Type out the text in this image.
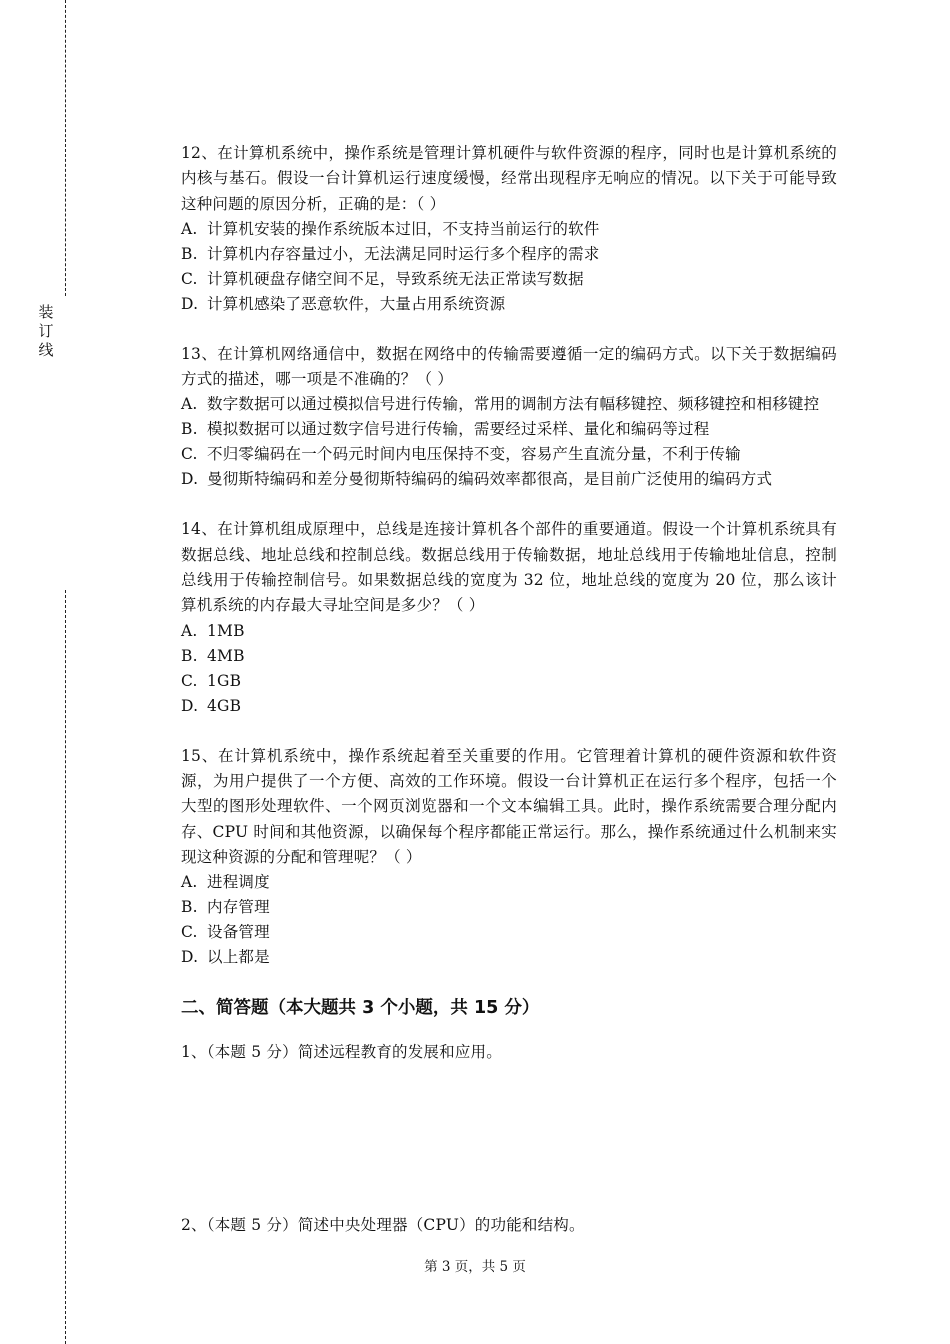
装
订
线

12、在计算机系统中，操作系统是管理计算机硬件与软件资源的程序，同时也是计算机系统的内核与基石。假设一台计算机运行速度缓慢，经常出现程序无响应的情况。以下关于可能导致这种问题的原因分析，正确的是：（ ）

A. 计算机安装的操作系统版本过旧，不支持当前运行的软件

B. 计算机内存容量过小，无法满足同时运行多个程序的需求

C. 计算机硬盘存储空间不足，导致系统无法正常读写数据

D. 计算机感染了恶意软件，大量占用系统资源

13、在计算机网络通信中，数据在网络中的传输需要遵循一定的编码方式。以下关于数据编码方式的描述，哪一项是不准确的？（ ）

A. 数字数据可以通过模拟信号进行传输，常用的调制方法有幅移键控、频移键控和相移键控

B. 模拟数据可以通过数字信号进行传输，需要经过采样、量化和编码等过程

C. 不归零编码在一个码元时间内电压保持不变，容易产生直流分量，不利于传输

D. 曼彻斯特编码和差分曼彻斯特编码的编码效率都很高，是目前广泛使用的编码方式

14、在计算机组成原理中，总线是连接计算机各个部件的重要通道。假设一个计算机系统具有数据总线、地址总线和控制总线。数据总线用于传输数据，地址总线用于传输地址信息，控制总线用于传输控制信号。如果数据总线的宽度为 32 位，地址总线的宽度为 20 位，那么该计算机系统的内存最大寻址空间是多少？（ ）

A. 1MB

B. 4MB

C. 1GB

D. 4GB

15、在计算机系统中，操作系统起着至关重要的作用。它管理着计算机的硬件资源和软件资源，为用户提供了一个方便、高效的工作环境。假设一台计算机正在运行多个程序，包括一个大型的图形处理软件、一个网页浏览器和一个文本编辑工具。此时，操作系统需要合理分配内存、CPU 时间和其他资源，以确保每个程序都能正常运行。那么，操作系统通过什么机制来实现这种资源的分配和管理呢？（ ）

A. 进程调度

B. 内存管理

C. 设备管理

D. 以上都是

二、简答题（本大题共 3 个小题，共 15 分）

1、（本题 5 分）简述远程教育的发展和应用。

2、（本题 5 分）简述中央处理器（CPU）的功能和结构。

第 3 页，共 5 页
